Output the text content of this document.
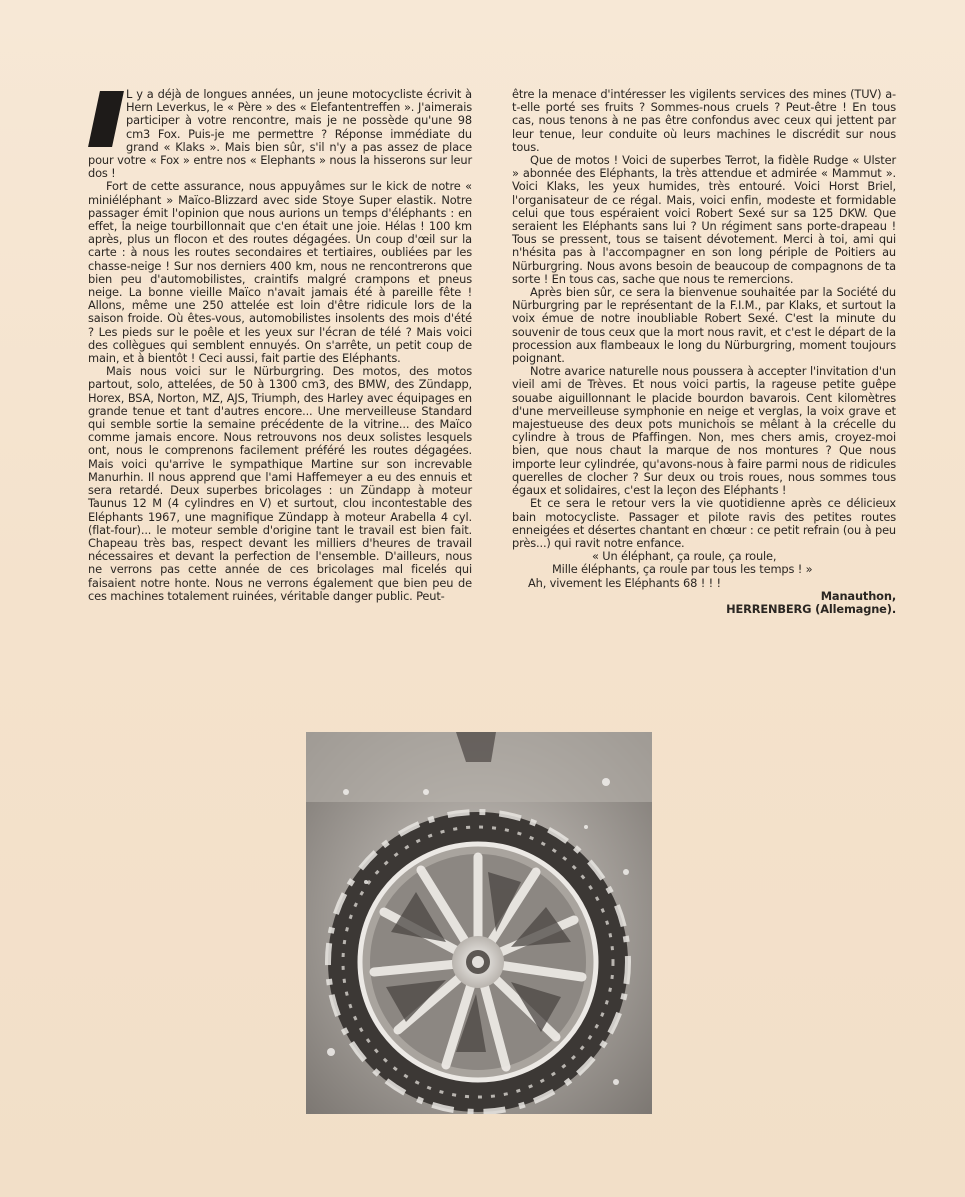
L y a déjà de longues années, un jeune motocycliste écrivit à Hern Leverkus, le « Père » des « Elefantentreffen ». J'aimerais participer à votre rencontre, mais je ne possède qu'une 98 cm3 Fox. Puis-je me permettre ? Réponse immédiate du grand « Klaks ». Mais bien sûr, s'il n'y a pas assez de place pour votre « Fox » entre nos « Elephants » nous la hisserons sur leur dos !

Fort de cette assurance, nous appuyâmes sur le kick de notre « miniéléphant » Maïco-Blizzard avec side Stoye Super elastik. Notre passager émit l'opinion que nous aurions un temps d'éléphants : en effet, la neige tourbillonnait que c'en était une joie. Hélas ! 100 km après, plus un flocon et des routes dégagées. Un coup d'œil sur la carte : à nous les routes secondaires et tertiaires, oubliées par les chasse-neige ! Sur nos derniers 400 km, nous ne rencontrerons que bien peu d'automobilistes, craintifs malgré crampons et pneus neige. La bonne vieille Maïco n'avait jamais été à pareille fête ! Allons, même une 250 attelée est loin d'être ridicule lors de la saison froide. Où êtes-vous, automobilistes insolents des mois d'été ? Les pieds sur le poêle et les yeux sur l'écran de télé ? Mais voici des collègues qui semblent ennuyés. On s'arrête, un petit coup de main, et à bientôt ! Ceci aussi, fait partie des Eléphants.

Mais nous voici sur le Nürburgring. Des motos, des motos partout, solo, attelées, de 50 à 1300 cm3, des BMW, des Zündapp, Horex, BSA, Norton, MZ, AJS, Triumph, des Harley avec équipages en grande tenue et tant d'autres encore... Une merveilleuse Standard qui semble sortie la semaine précédente de la vitrine... des Maïco comme jamais encore. Nous retrouvons nos deux solistes lesquels ont, nous le comprenons facilement préféré les routes dégagées. Mais voici qu'arrive le sympathique Martine sur son increvable Manurhin. Il nous apprend que l'ami Haffemeyer a eu des ennuis et sera retardé. Deux superbes bricolages : un Zündapp à moteur Taunus 12 M (4 cylindres en V) et surtout, clou incontestable des Eléphants 1967, une magnifique Zündapp à moteur Arabella 4 cyl. (flat-four)... le moteur semble d'origine tant le travail est bien fait. Chapeau très bas, respect devant les milliers d'heures de travail nécessaires et devant la perfection de l'ensemble. D'ailleurs, nous ne verrons pas cette année de ces bricolages mal ficelés qui faisaient notre honte. Nous ne verrons également que bien peu de ces machines totalement ruinées, véritable danger public. Peut-

être la menace d'intéresser les vigilents services des mines (TUV) a-t-elle porté ses fruits ? Sommes-nous cruels ? Peut-être ! En tous cas, nous tenons à ne pas être confondus avec ceux qui jettent par leur tenue, leur conduite où leurs machines le discrédit sur nous tous.

Que de motos ! Voici de superbes Terrot, la fidèle Rudge « Ulster » abonnée des Eléphants, la très attendue et admirée « Mammut ». Voici Klaks, les yeux humides, très entouré. Voici Horst Briel, l'organisateur de ce régal. Mais, voici enfin, modeste et formidable celui que tous espéraient voici Robert Sexé sur sa 125 DKW. Que seraient les Eléphants sans lui ? Un régiment sans porte-drapeau ! Tous se pressent, tous se taisent dévotement. Merci à toi, ami qui n'hésita pas à l'accompagner en son long périple de Poitiers au Nürburgring. Nous avons besoin de beaucoup de compagnons de ta sorte ! En tous cas, sache que nous te remercions.

Après bien sûr, ce sera la bienvenue souhaitée par la Société du Nürburgring par le représentant de la F.I.M., par Klaks, et surtout la voix émue de notre inoubliable Robert Sexé. C'est la minute du souvenir de tous ceux que la mort nous ravit, et c'est le départ de la procession aux flambeaux le long du Nürburgring, moment toujours poignant.

Notre avarice naturelle nous poussera à accepter l'invitation d'un vieil ami de Trèves. Et nous voici partis, la rageuse petite guêpe souabe aiguillonnant le placide bourdon bavarois. Cent kilomètres d'une merveilleuse symphonie en neige et verglas, la voix grave et majestueuse des deux pots munichois se mêlant à la crécelle du cylindre à trous de Pfaffingen. Non, mes chers amis, croyez-moi bien, que nous chaut la marque de nos montures ? Que nous importe leur cylindrée, qu'avons-nous à faire parmi nous de ridicules querelles de clocher ? Sur deux ou trois roues, nous sommes tous égaux et solidaires, c'est la leçon des Eléphants !

Et ce sera le retour vers la vie quotidienne après ce délicieux bain motocycliste. Passager et pilote ravis des petites routes enneigées et désertes chantant en chœur : ce petit refrain (ou à peu près...) qui ravit notre enfance.

« Un éléphant, ça roule, ça roule,

Mille éléphants, ça roule par tous les temps ! »

Ah, vivement les Eléphants 68 ! ! !

Manauthon,

HERRENBERG (Allemagne).
